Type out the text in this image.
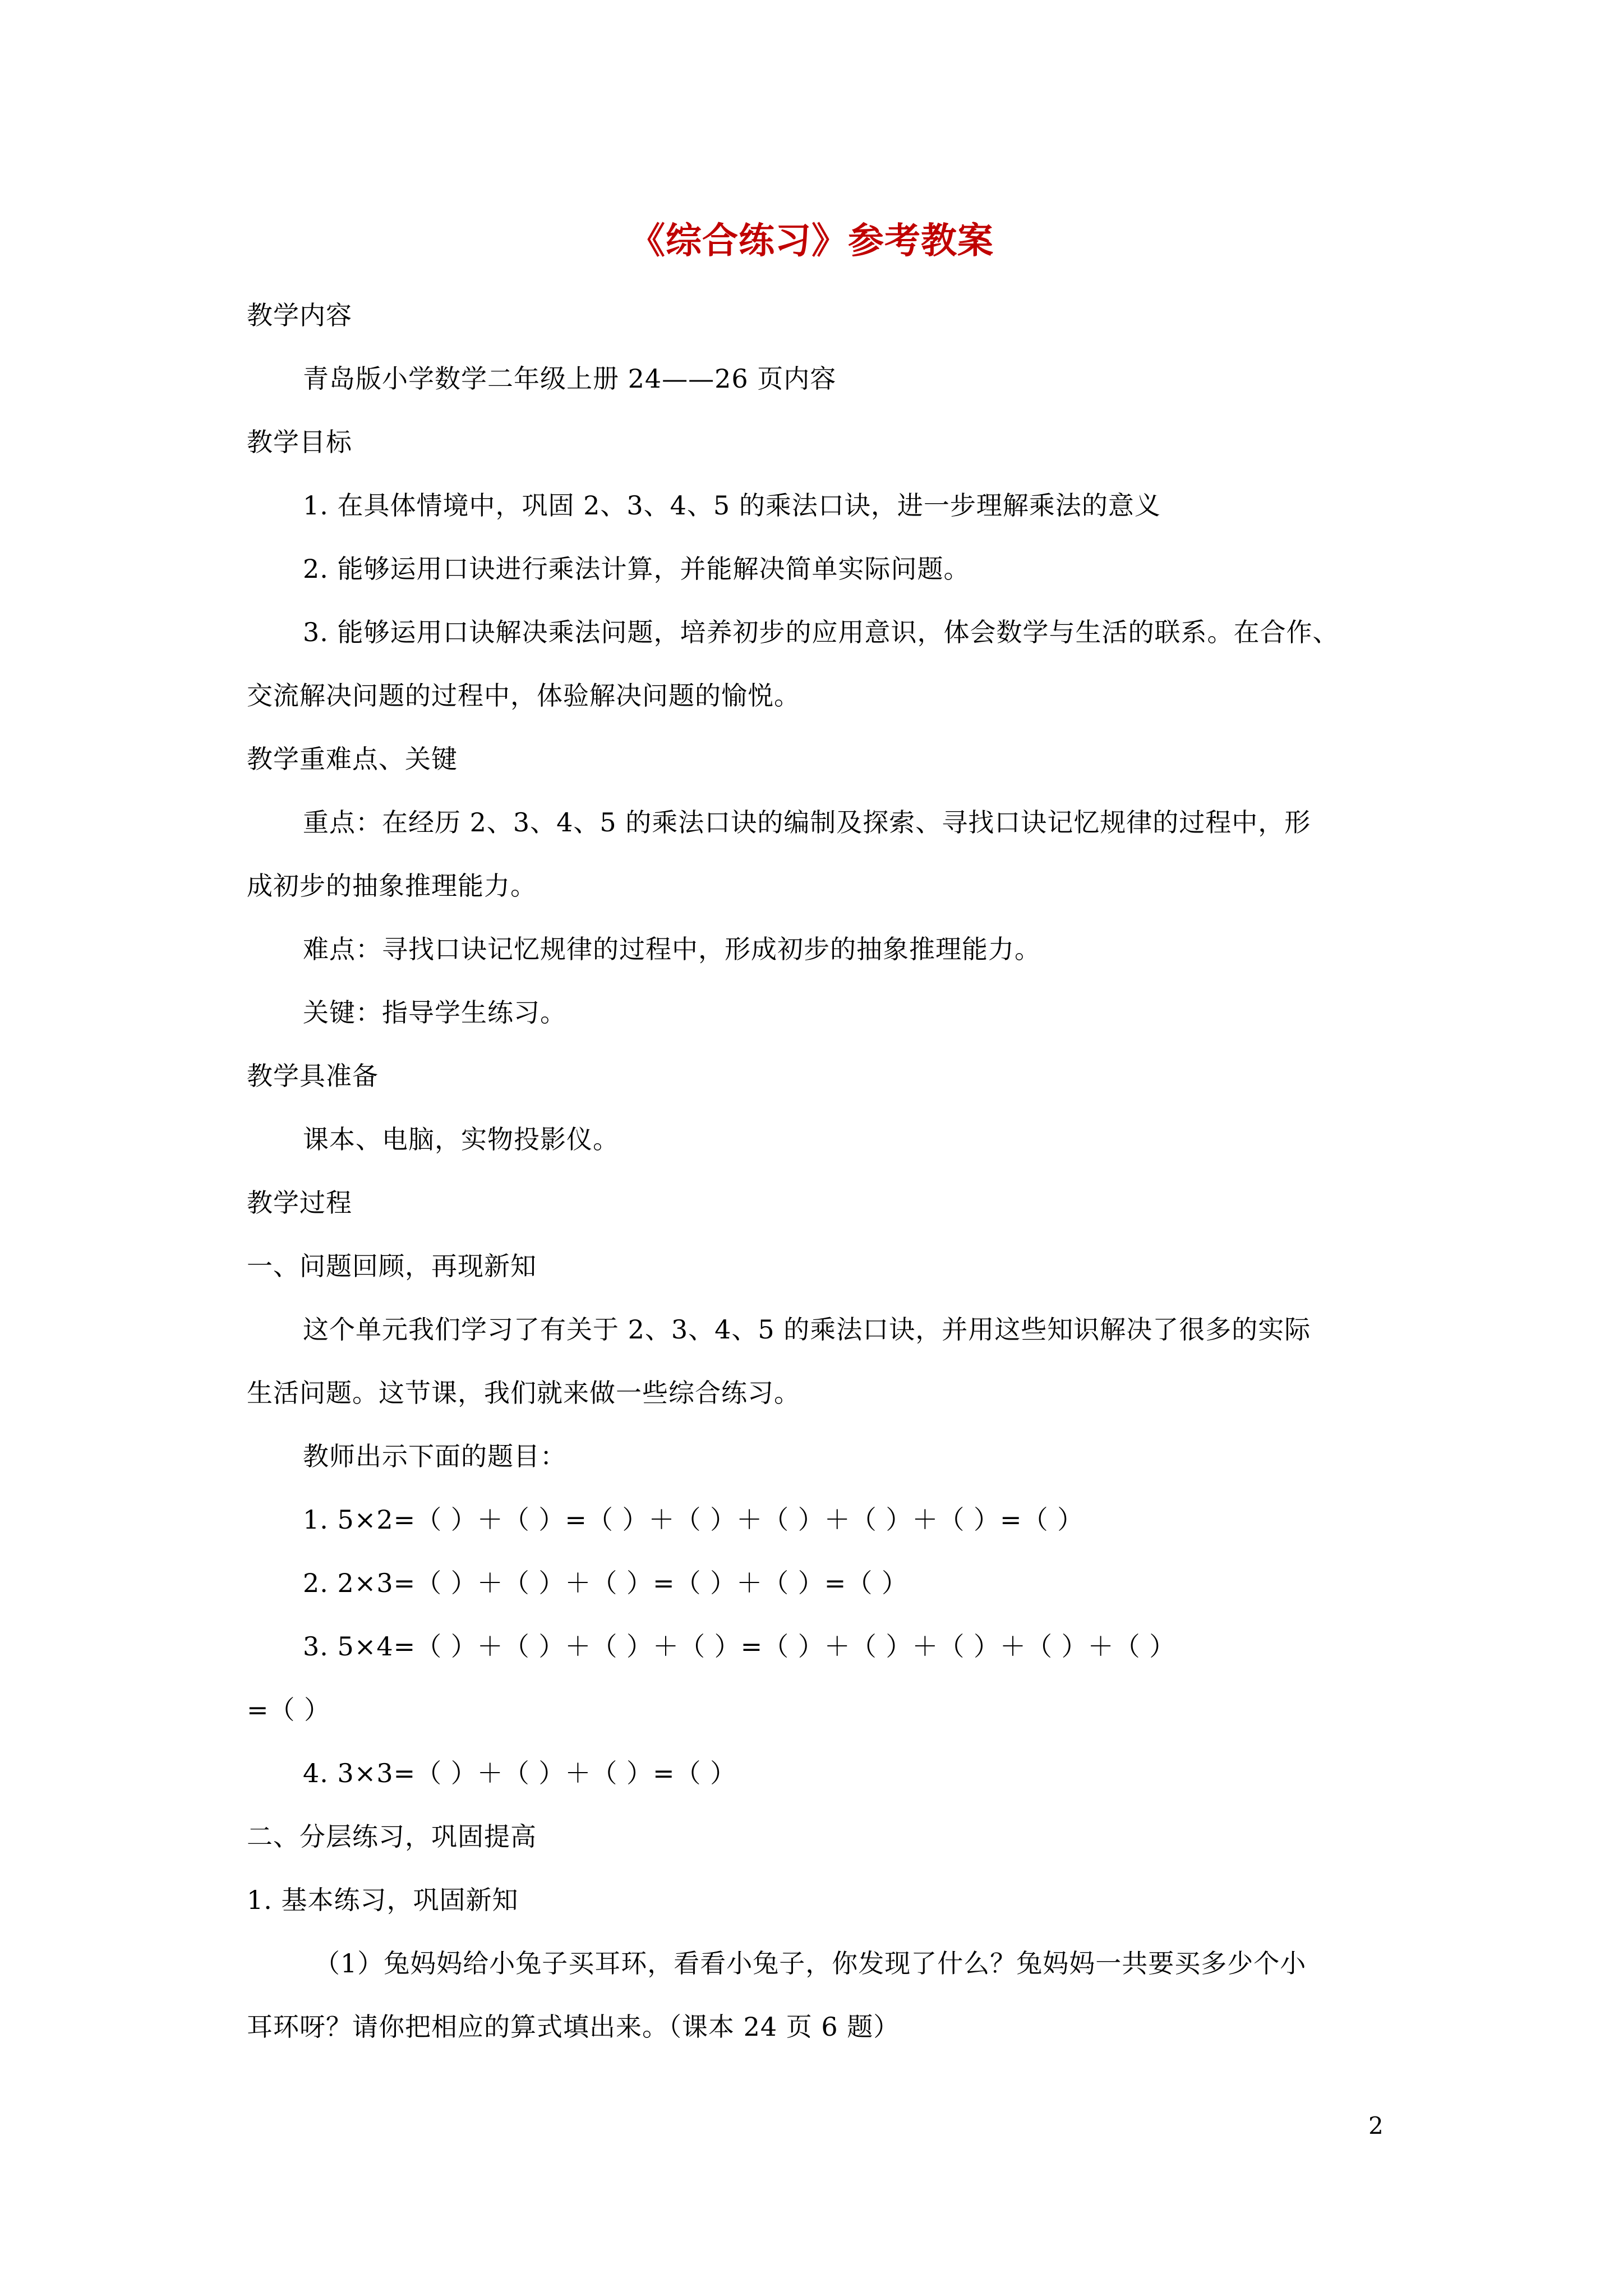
《综合练习》参考教案
教学内容
青岛版小学数学二年级上册 24——26 页内容
教学目标
1. 在具体情境中，巩固 2、3、4、5 的乘法口诀，进一步理解乘法的意义
2. 能够运用口诀进行乘法计算，并能解决简单实际问题。
3. 能够运用口诀解决乘法问题，培养初步的应用意识，体会数学与生活的联系。在合作、
交流解决问题的过程中，体验解决问题的愉悦。
教学重难点、关键
重点：在经历 2、3、4、5 的乘法口诀的编制及探索、寻找口诀记忆规律的过程中，形
成初步的抽象推理能力。
难点：寻找口诀记忆规律的过程中，形成初步的抽象推理能力。
关键：指导学生练习。
教学具准备
课本、电脑，实物投影仪。
教学过程
一、问题回顾，再现新知
这个单元我们学习了有关于 2、3、4、5 的乘法口诀，并用这些知识解决了很多的实际
生活问题。这节课，我们就来做一些综合练习。
教师出示下面的题目：
1. 5×2=（ ）＋（ ）=（ ）＋（ ）＋（ ）＋（ ）＋（ ）=（ ）
2. 2×3=（ ）＋（ ）＋（ ）=（ ）＋（ ）=（ ）
3. 5×4=（ ）＋（ ）＋（ ）＋（ ）=（ ）＋（ ）＋（ ）＋（ ）＋（ ）
=（ ）
4. 3×3=（ ）＋（ ）＋（ ）=（ ）
二、分层练习，巩固提高
1. 基本练习，巩固新知
（1）兔妈妈给小兔子买耳环，看看小兔子，你发现了什么？兔妈妈一共要买多少个小
耳环呀？请你把相应的算式填出来。（课本 24 页 6 题）
2
